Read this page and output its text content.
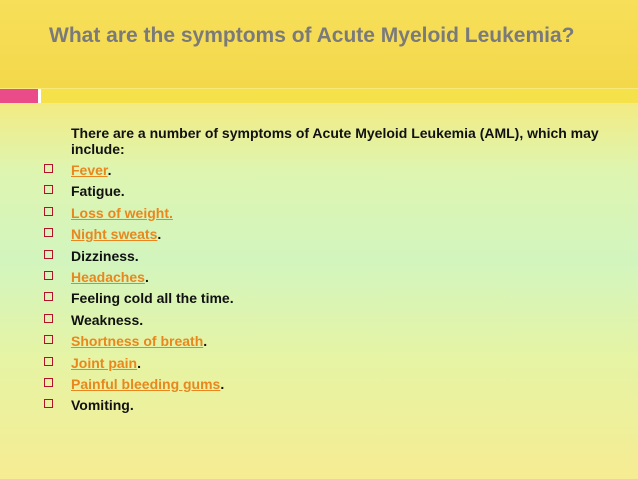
What are the symptoms of Acute Myeloid Leukemia?
There are a number of symptoms of Acute Myeloid Leukemia (AML), which may include:
Fever.
Fatigue.
Loss of weight.
Night sweats.
Dizziness.
Headaches.
Feeling cold all the time.
Weakness.
Shortness of breath.
Joint pain.
Painful bleeding gums.
Vomiting.
